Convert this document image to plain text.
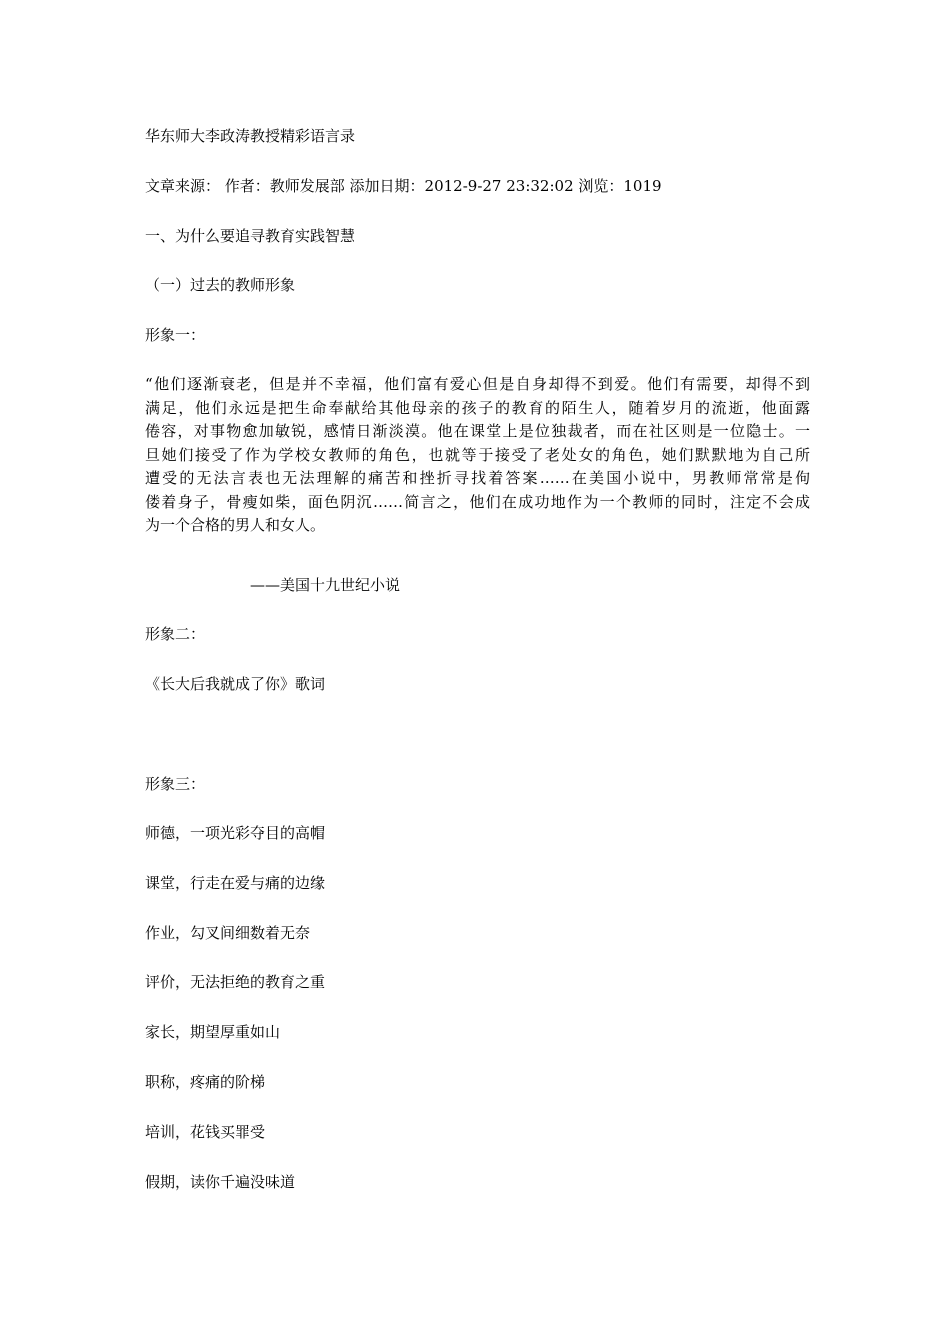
华东师大李政涛教授精彩语言录
文章来源： 作者：教师发展部 添加日期：2012-9-27 23:32:02 浏览：1019
一、为什么要追寻教育实践智慧
（一）过去的教师形象
形象一：

“他们逐渐衰老，但是并不幸福，他们富有爱心但是自身却得不到爱。他们有需要，却得不到

满足，他们永远是把生命奉献给其他母亲的孩子的教育的陌生人，随着岁月的流逝，他面露

倦容，对事物愈加敏锐，感情日渐淡漠。他在课堂上是位独裁者，而在社区则是一位隐士。一

旦她们接受了作为学校女教师的角色，也就等于接受了老处女的角色，她们默默地为自己所

遭受的无法言表也无法理解的痛苦和挫折寻找着答案……在美国小说中，男教师常常是佝

偻着身子，骨瘦如柴，面色阴沉……简言之，他们在成功地作为一个教师的同时，注定不会成

为一个合格的男人和女人。

——美国十九世纪小说
形象二：
《长大后我就成了你》歌词
形象三：
师德，一项光彩夺目的高帽
课堂，行走在爱与痛的边缘
作业，勾叉间细数着无奈
评价，无法拒绝的教育之重
家长，期望厚重如山
职称，疼痛的阶梯
培训，花钱买罪受
假期，读你千遍没味道
